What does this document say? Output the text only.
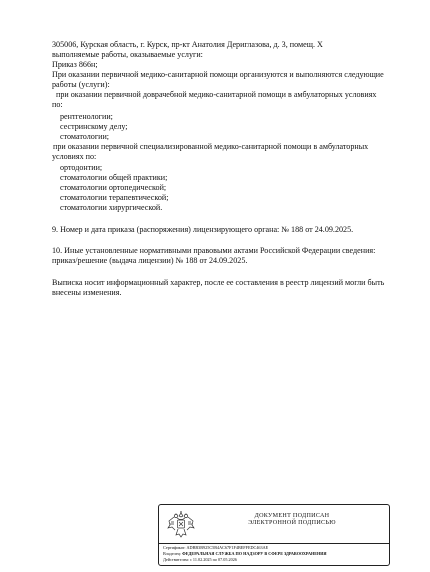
305006, Курская область, г. Курск, пр-кт Анатолия Дериглазова, д. 3, помещ. X
выполняемые работы, оказываемые услуги:
Приказ 866н;
При оказании первичной медико-санитарной помощи организуются и выполняются следующие
работы (услуги):
при оказании первичной доврачебной медико-санитарной помощи в амбулаторных условиях
по:
рентгенологии;
сестринскому делу;
стоматологии;
при оказании первичной специализированной медико-санитарной помощи в амбулаторных
условиях по:
ортодонтии;
стоматологии общей практики;
стоматологии ортопедической;
стоматологии терапевтической;
стоматологии хирургической.
9. Номер и дата приказа (распоряжения) лицензирующего органа: № 188 от 24.09.2025.
10. Иные установленные нормативными правовыми актами Российской Федерации сведения:
приказ/решение (выдача лицензии) № 188 от 24.09.2025.
Выписка носит информационный характер, после ее составления в реестр лицензий могли быть
внесены изменения.
ДОКУМЕНТ ПОДПИСАН
ЭЛЕКТРОННОЙ ПОДПИСЬЮ
Сертификат: ADBB3B925C5B4AC67F1F4BEFFEDC463AE
Владелец: ФЕДЕРАЛЬНАЯ СЛУЖБА ПО НАДЗОРУ В СФЕРЕ ЗДРАВООХРАНЕНИЯ
Действителен: с 11.02.2025 по 07.05.2026
